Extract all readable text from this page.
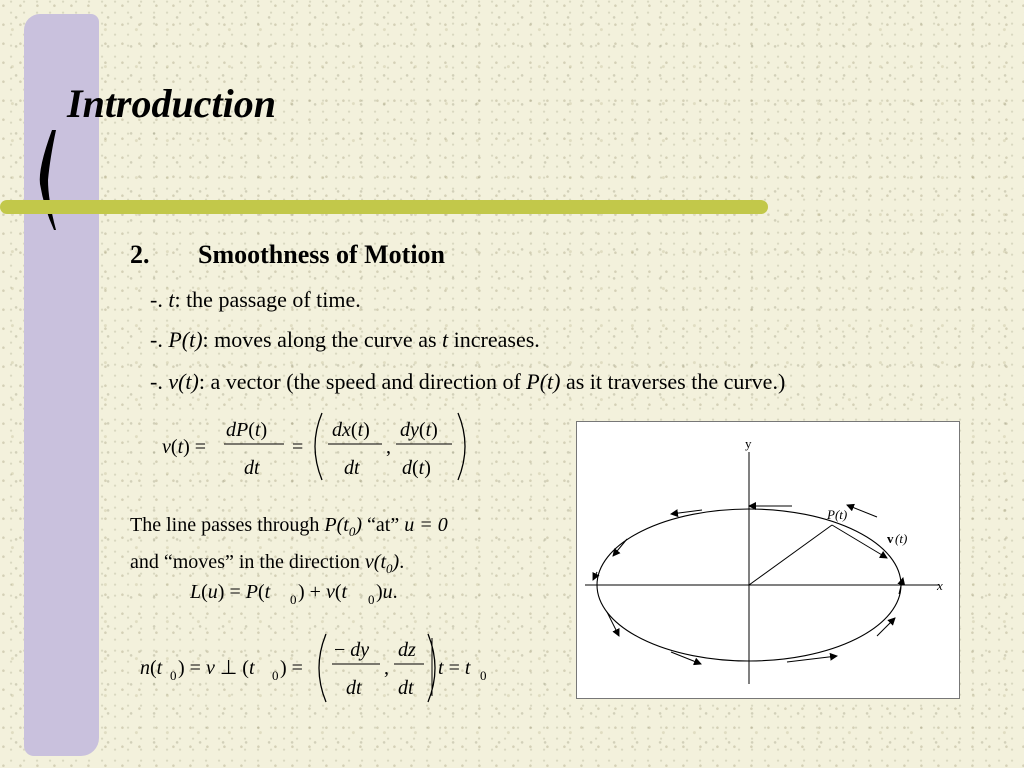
Introduction
2. Smoothness of Motion
-. t: the passage of time.
-. P(t): moves along the curve as t increases.
-. v(t): a vector (the speed and direction of P(t) as it traverses the curve.)
v(t) =
dP(t)
dt
=
dx(t)
dt
,
dy(t)
d(t)
The line passes through $P(t_0)$ “at” u = 0
and “moves” in the direction $v(t_0)$.
L(u) = P(t 0 ) + v(t 0 )u.
n(t 0 ) = v ⊥ (t 0 ) =
− dy
dt
,
dz
dt
t = t 0
y
x
P(t)
v (t)
